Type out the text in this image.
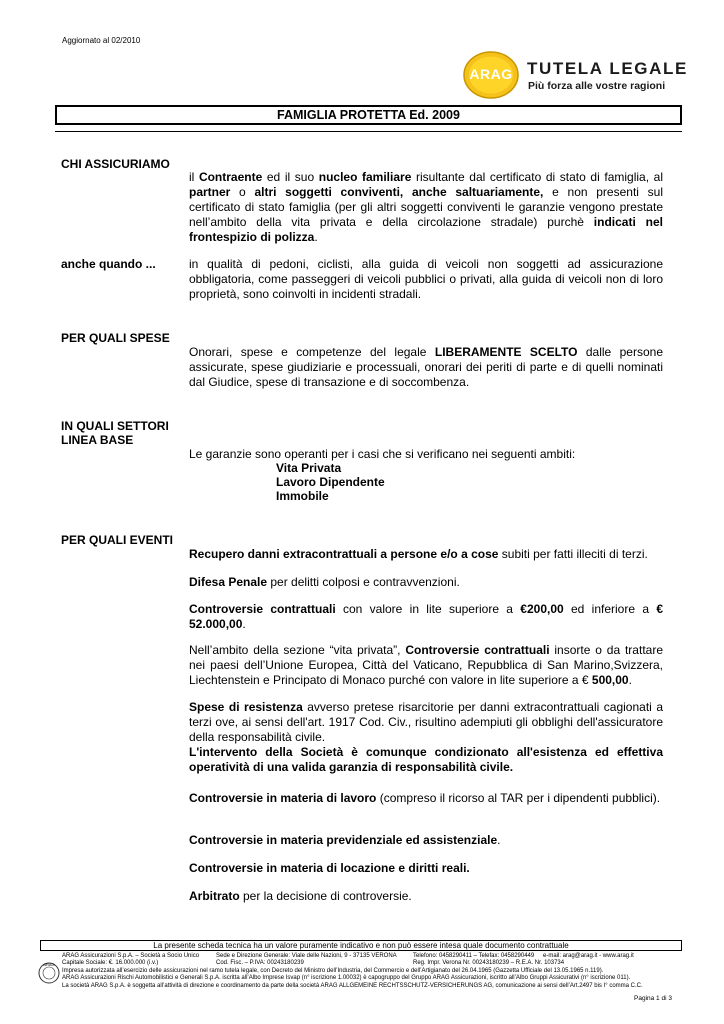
Aggiornato al 02/2010
ARAG TUTELA LEGALE
Più forza alle vostre ragioni
FAMIGLIA PROTETTA Ed. 2009
CHI ASSICURIAMO
il Contraente ed il suo nucleo familiare risultante dal certificato di stato di famiglia, al partner o altri soggetti conviventi, anche saltuariamente, e non presenti sul certificato di stato famiglia (per gli altri soggetti conviventi le garanzie vengono prestate nell’ambito della vita privata e della circolazione stradale) purchè indicati nel frontespizio di polizza.
anche quando ...	in qualità di pedoni, ciclisti, alla guida di veicoli non soggetti ad assicurazione obbligatoria, come passeggeri di veicoli pubblici o privati, alla guida di veicoli non di loro proprietà, sono coinvolti in incidenti stradali.
PER QUALI SPESE
Onorari, spese e competenze del legale LIBERAMENTE SCELTO dalle persone assicurate, spese giudiziarie e processuali, onorari dei periti di parte e di quelli nominati dal Giudice, spese di transazione e di soccombenza.
IN QUALI SETTORI
LINEA BASE
Le garanzie sono operanti per i casi che si verificano nei seguenti ambiti:
Vita Privata
Lavoro Dipendente
Immobile
PER QUALI EVENTI
Recupero danni extracontrattuali a persone e/o a cose subiti per fatti illeciti di terzi.
Difesa Penale per delitti colposi e contravvenzioni.
Controversie contrattuali con valore in lite superiore a €200,00 ed inferiore a € 52.000,00.
Nell’ambito della sezione “vita privata”, Controversie contrattuali insorte o da trattare nei paesi dell’Unione Europea, Città del Vaticano, Repubblica di San Marino,Svizzera, Liechtenstein e Principato di Monaco purché con valore in lite superiore a € 500,00.
Spese di resistenza avverso pretese risarcitorie per danni extracontrattuali cagionati a terzi ove, ai sensi dell'art. 1917 Cod. Civ., risultino adempiuti gli obblighi dell'assicuratore della responsabilità civile.
L'intervento della Società è comunque condizionato all'esistenza ed effettiva operatività di una valida garanzia di responsabilità civile.
Controversie in materia di lavoro (compreso il ricorso al TAR per i dipendenti pubblici).
Controversie in materia previdenziale ed assistenziale.
Controversie in materia di locazione e diritti reali.
Arbitrato per la decisione di controversie.
La presente scheda tecnica ha un valore puramente indicativo e non può essere intesa quale documento contrattuale
ARAG
ARAG Assicurazioni S.p.A. – Società a Socio Unico	Sede e Direzione Generale: Viale delle Nazioni, 9 - 37135 VERONA	Telefono: 0458290411 – Telefax: 0458290449 e-mail: arag@arag.it - www.arag.it
Capitale Sociale: €. 16.000.000 (i.v.)	Cod. Fisc. – P.IVA: 00243180239	Reg. Impr. Verona Nr. 00243180239 – R.E.A. Nr. 103734
Impresa autorizzata all’esercizio delle assicurazioni nel ramo tutela legale, con Decreto del Ministro dell’Industria, del Commercio e dell’Artigianato del 26.04.1965 (Gazzetta Ufficiale del 13.05.1965 n.119).
ARAG Assicurazioni Rischi Automobilistici e Generali S.p.A. iscritta all’Albo Imprese Isvap (n° iscrizione 1.00032) è capogruppo del Gruppo ARAG Assicurazioni, iscritto all’Albo Gruppi Assicurativi (n° iscrizione 011).
La società ARAG S.p.A. è soggetta all’attività di direzione e coordinamento da parte della società ARAG ALLGEMEINE RECHTSSCHUTZ-VERSICHERUNGS AG, comunicazione ai sensi dell’Art.2497 bis I° comma C.C.
Pagina 1 di 3
